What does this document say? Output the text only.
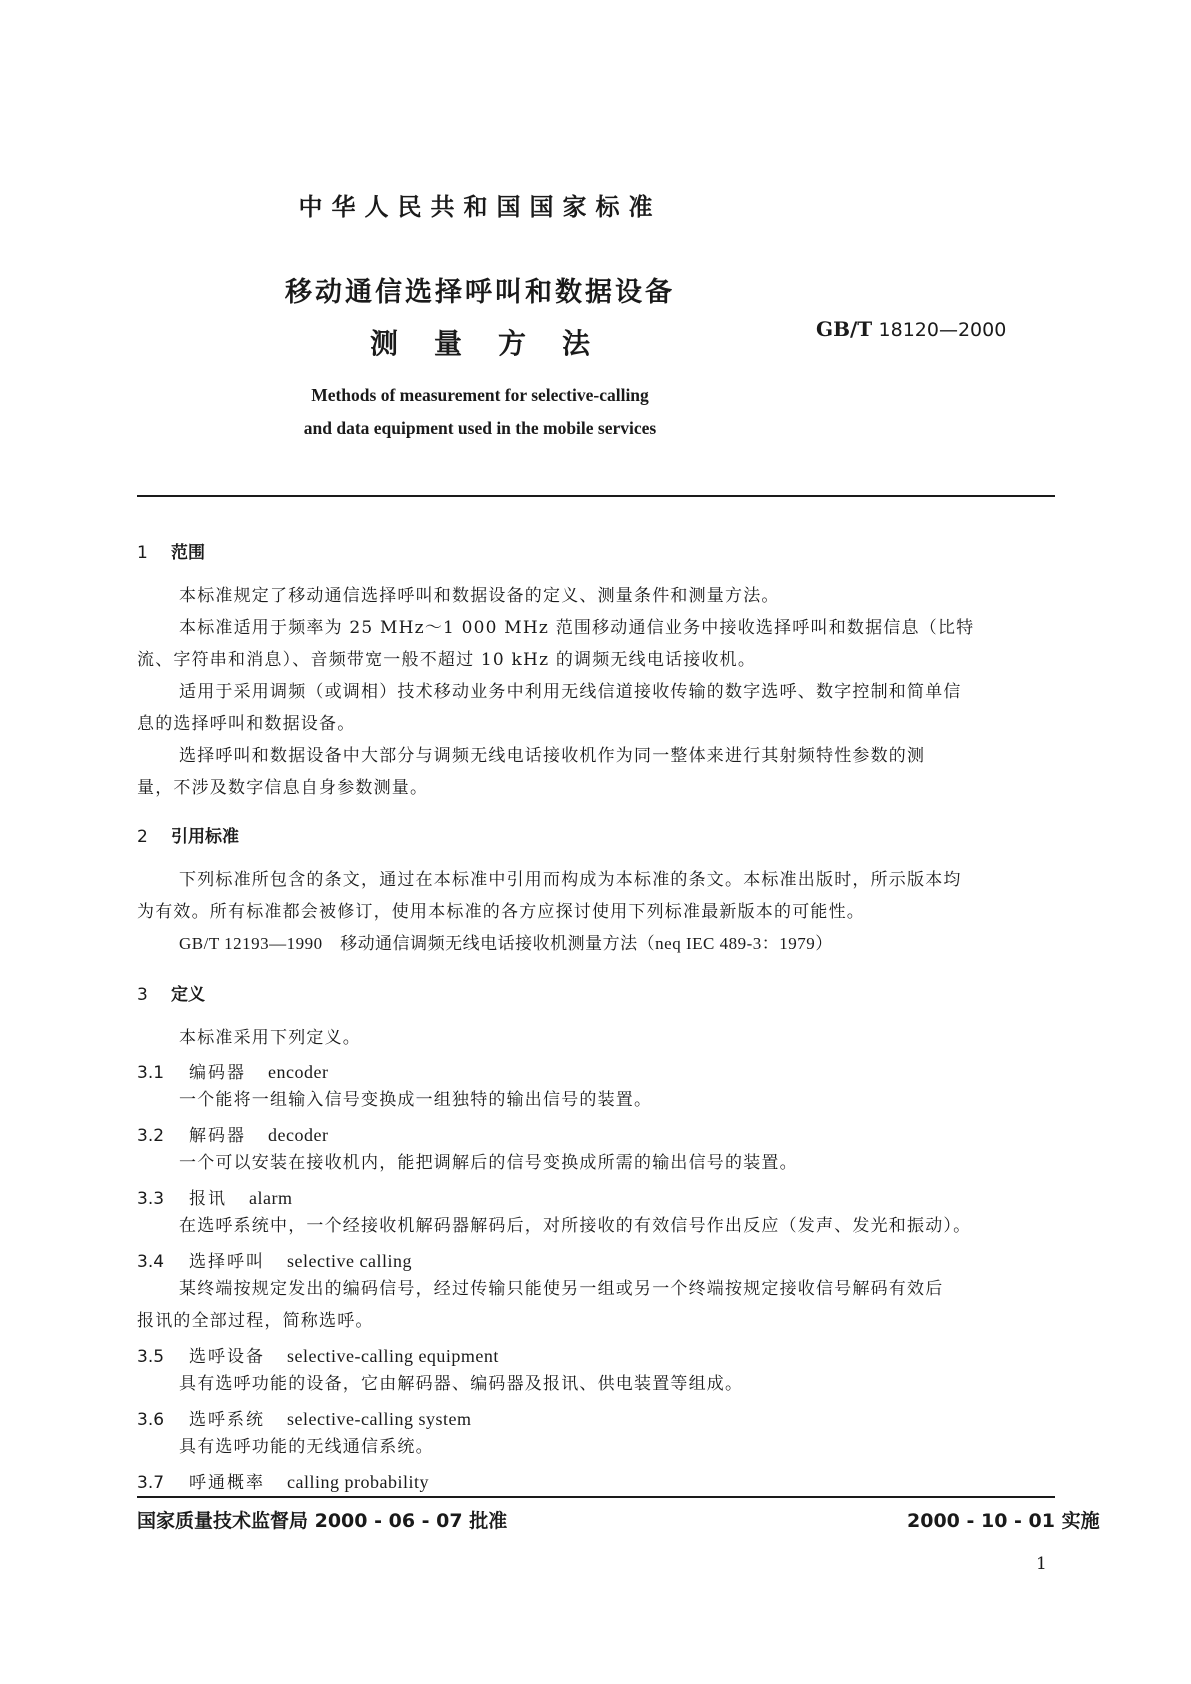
中华人民共和国国家标准
移动通信选择呼叫和数据设备
测量方法	GB/T 18120—2000
Methods of measurement for selective-calling
and data equipment used in the mobile services
1 范围
本标准规定了移动通信选择呼叫和数据设备的定义、测量条件和测量方法。
本标准适用于频率为 25 MHz～1 000 MHz 范围移动通信业务中接收选择呼叫和数据信息（比特
流、字符串和消息）、音频带宽一般不超过 10 kHz 的调频无线电话接收机。
适用于采用调频（或调相）技术移动业务中利用无线信道接收传输的数字选呼、数字控制和简单信
息的选择呼叫和数据设备。
选择呼叫和数据设备中大部分与调频无线电话接收机作为同一整体来进行其射频特性参数的测
量，不涉及数字信息自身参数测量。
2 引用标准
下列标准所包含的条文，通过在本标准中引用而构成为本标准的条文。本标准出版时，所示版本均
为有效。所有标准都会被修订，使用本标准的各方应探讨使用下列标准最新版本的可能性。
GB/T 12193—1990　移动通信调频无线电话接收机测量方法（neq IEC 489-3：1979）
3 定义
本标准采用下列定义。
3.1 编码器 encoder
一个能将一组输入信号变换成一组独特的输出信号的装置。
3.2 解码器 decoder
一个可以安装在接收机内，能把调解后的信号变换成所需的输出信号的装置。
3.3 报讯 alarm
在选呼系统中，一个经接收机解码器解码后，对所接收的有效信号作出反应（发声、发光和振动）。
3.4 选择呼叫 selective calling
某终端按规定发出的编码信号，经过传输只能使另一组或另一个终端按规定接收信号解码有效后
报讯的全部过程，简称选呼。
3.5 选呼设备 selective-calling equipment
具有选呼功能的设备，它由解码器、编码器及报讯、供电装置等组成。
3.6 选呼系统 selective-calling system
具有选呼功能的无线通信系统。
3.7 呼通概率 calling probability
国家质量技术监督局 2000 - 06 - 07 批准	2000 - 10 - 01 实施
1
